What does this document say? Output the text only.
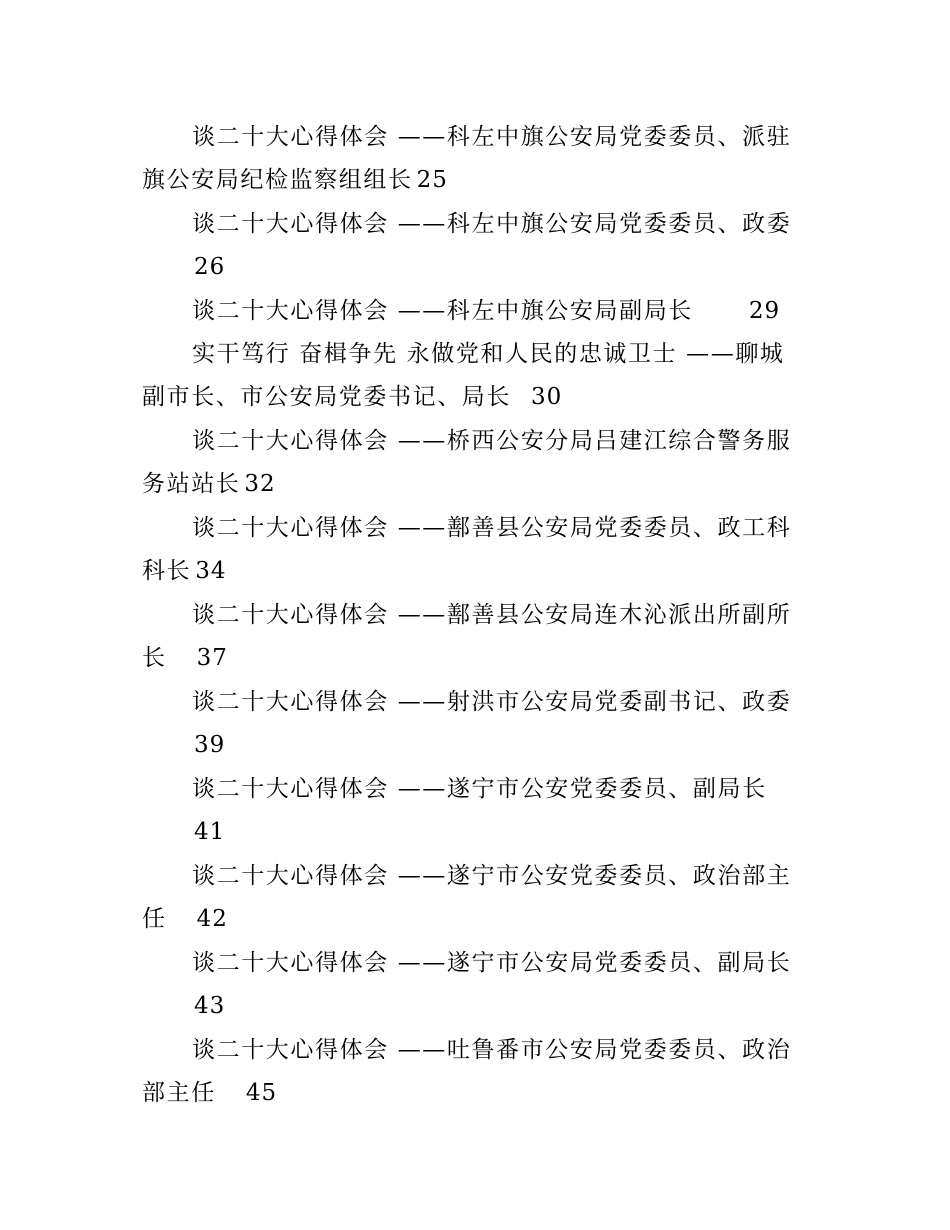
谈二十大心得体会 ——科左中旗公安局党委委员、派驻旗公安局纪检监察组组长 25

谈二十大心得体会 ——科左中旗公安局党委委员、政委
26

谈二十大心得体会 ——科左中旗公安局副局长 29

实干笃行 奋楫争先 永做党和人民的忠诚卫士 ——聊城副市长、市公安局党委书记、局长 30

谈二十大心得体会 ——桥西公安分局吕建江综合警务服务站站长 32

谈二十大心得体会 ——鄯善县公安局党委委员、政工科科长 34

谈二十大心得体会 ——鄯善县公安局连木沁派出所副所长 37

谈二十大心得体会 ——射洪市公安局党委副书记、政委
39

谈二十大心得体会 ——遂宁市公安党委委员、副局长
41

谈二十大心得体会 ——遂宁市公安党委委员、政治部主任 42

谈二十大心得体会 ——遂宁市公安局党委委员、副局长
43

谈二十大心得体会 ——吐鲁番市公安局党委委员、政治部主任 45
